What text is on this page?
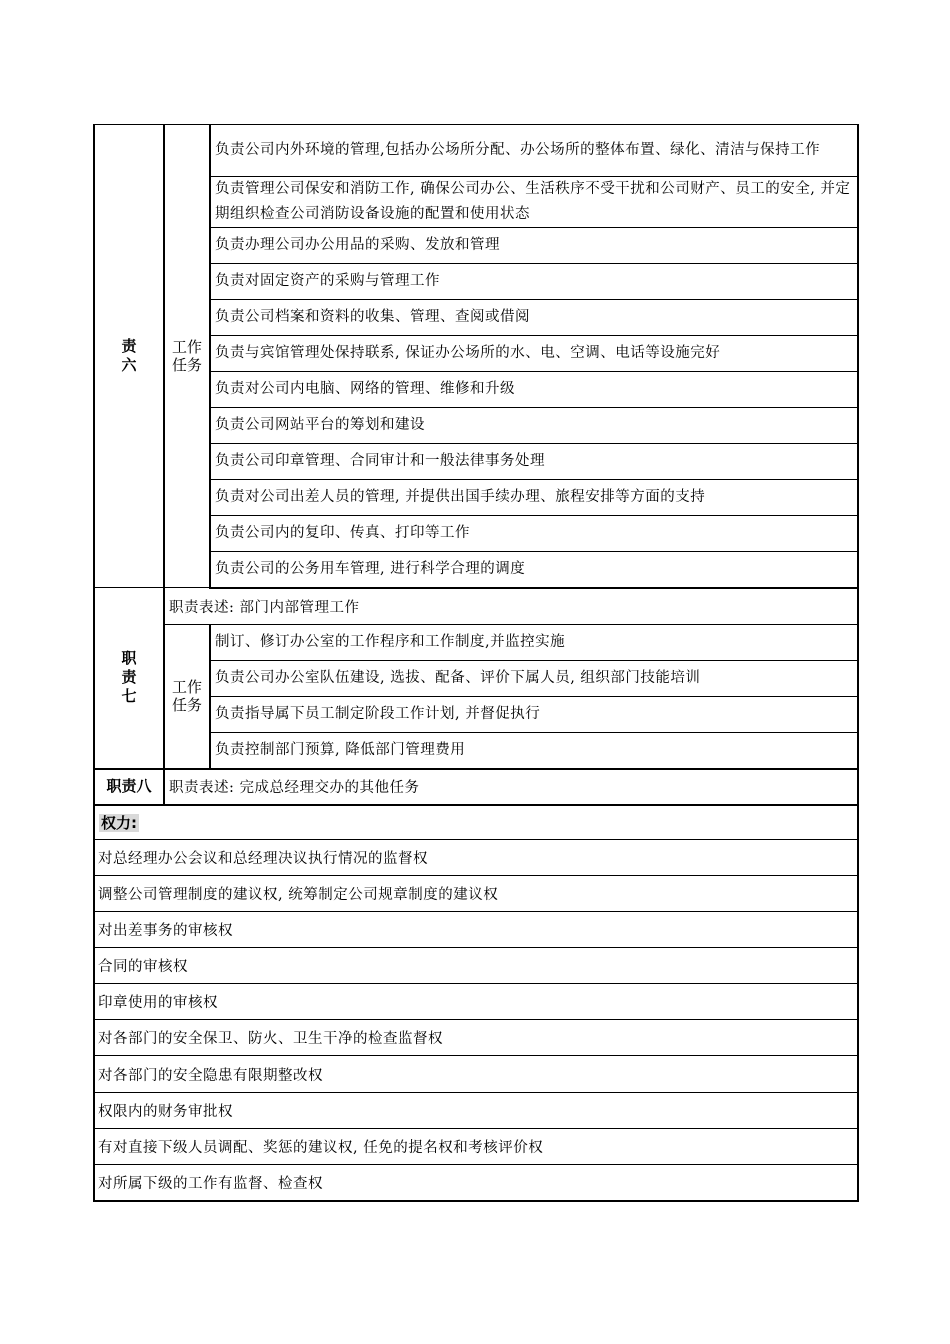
责六	工作任务	负责公司内外环境的管理,包括办公场所分配、办公场所的整体布置、绿化、清洁与保持工作
		负责管理公司保安和消防工作, 确保公司办公、生活秩序不受干扰和公司财产、员工的安全, 并定期组织检查公司消防设备设施的配置和使用状态
		负责办理公司办公用品的采购、发放和管理
		负责对固定资产的采购与管理工作
		负责公司档案和资料的收集、管理、查阅或借阅
		负责与宾馆管理处保持联系, 保证办公场所的水、电、空调、电话等设施完好
		负责对公司内电脑、网络的管理、维修和升级
		负责公司网站平台的筹划和建设
		负责公司印章管理、合同审计和一般法律事务处理
		负责对公司出差人员的管理, 并提供出国手续办理、旅程安排等方面的支持
		负责公司内的复印、传真、打印等工作
		负责公司的公务用车管理, 进行科学合理的调度
职责七	职责表述: 部门内部管理工作	
	工作任务	制订、修订办公室的工作程序和工作制度,并监控实施
		负责公司办公室队伍建设, 选拔、配备、评价下属人员, 组织部门技能培训
		负责指导属下员工制定阶段工作计划, 并督促执行
		负责控制部门预算, 降低部门管理费用
职责八	职责表述: 完成总经理交办的其他任务	
权力:		
对总经理办公会议和总经理决议执行情况的监督权		
调整公司管理制度的建议权, 统筹制定公司规章制度的建议权		
对出差事务的审核权		
合同的审核权		
印章使用的审核权		
对各部门的安全保卫、防火、卫生干净的检查监督权		
对各部门的安全隐患有限期整改权		
权限内的财务审批权		
有对直接下级人员调配、奖惩的建议权, 任免的提名权和考核评价权		
对所属下级的工作有监督、检查权		
